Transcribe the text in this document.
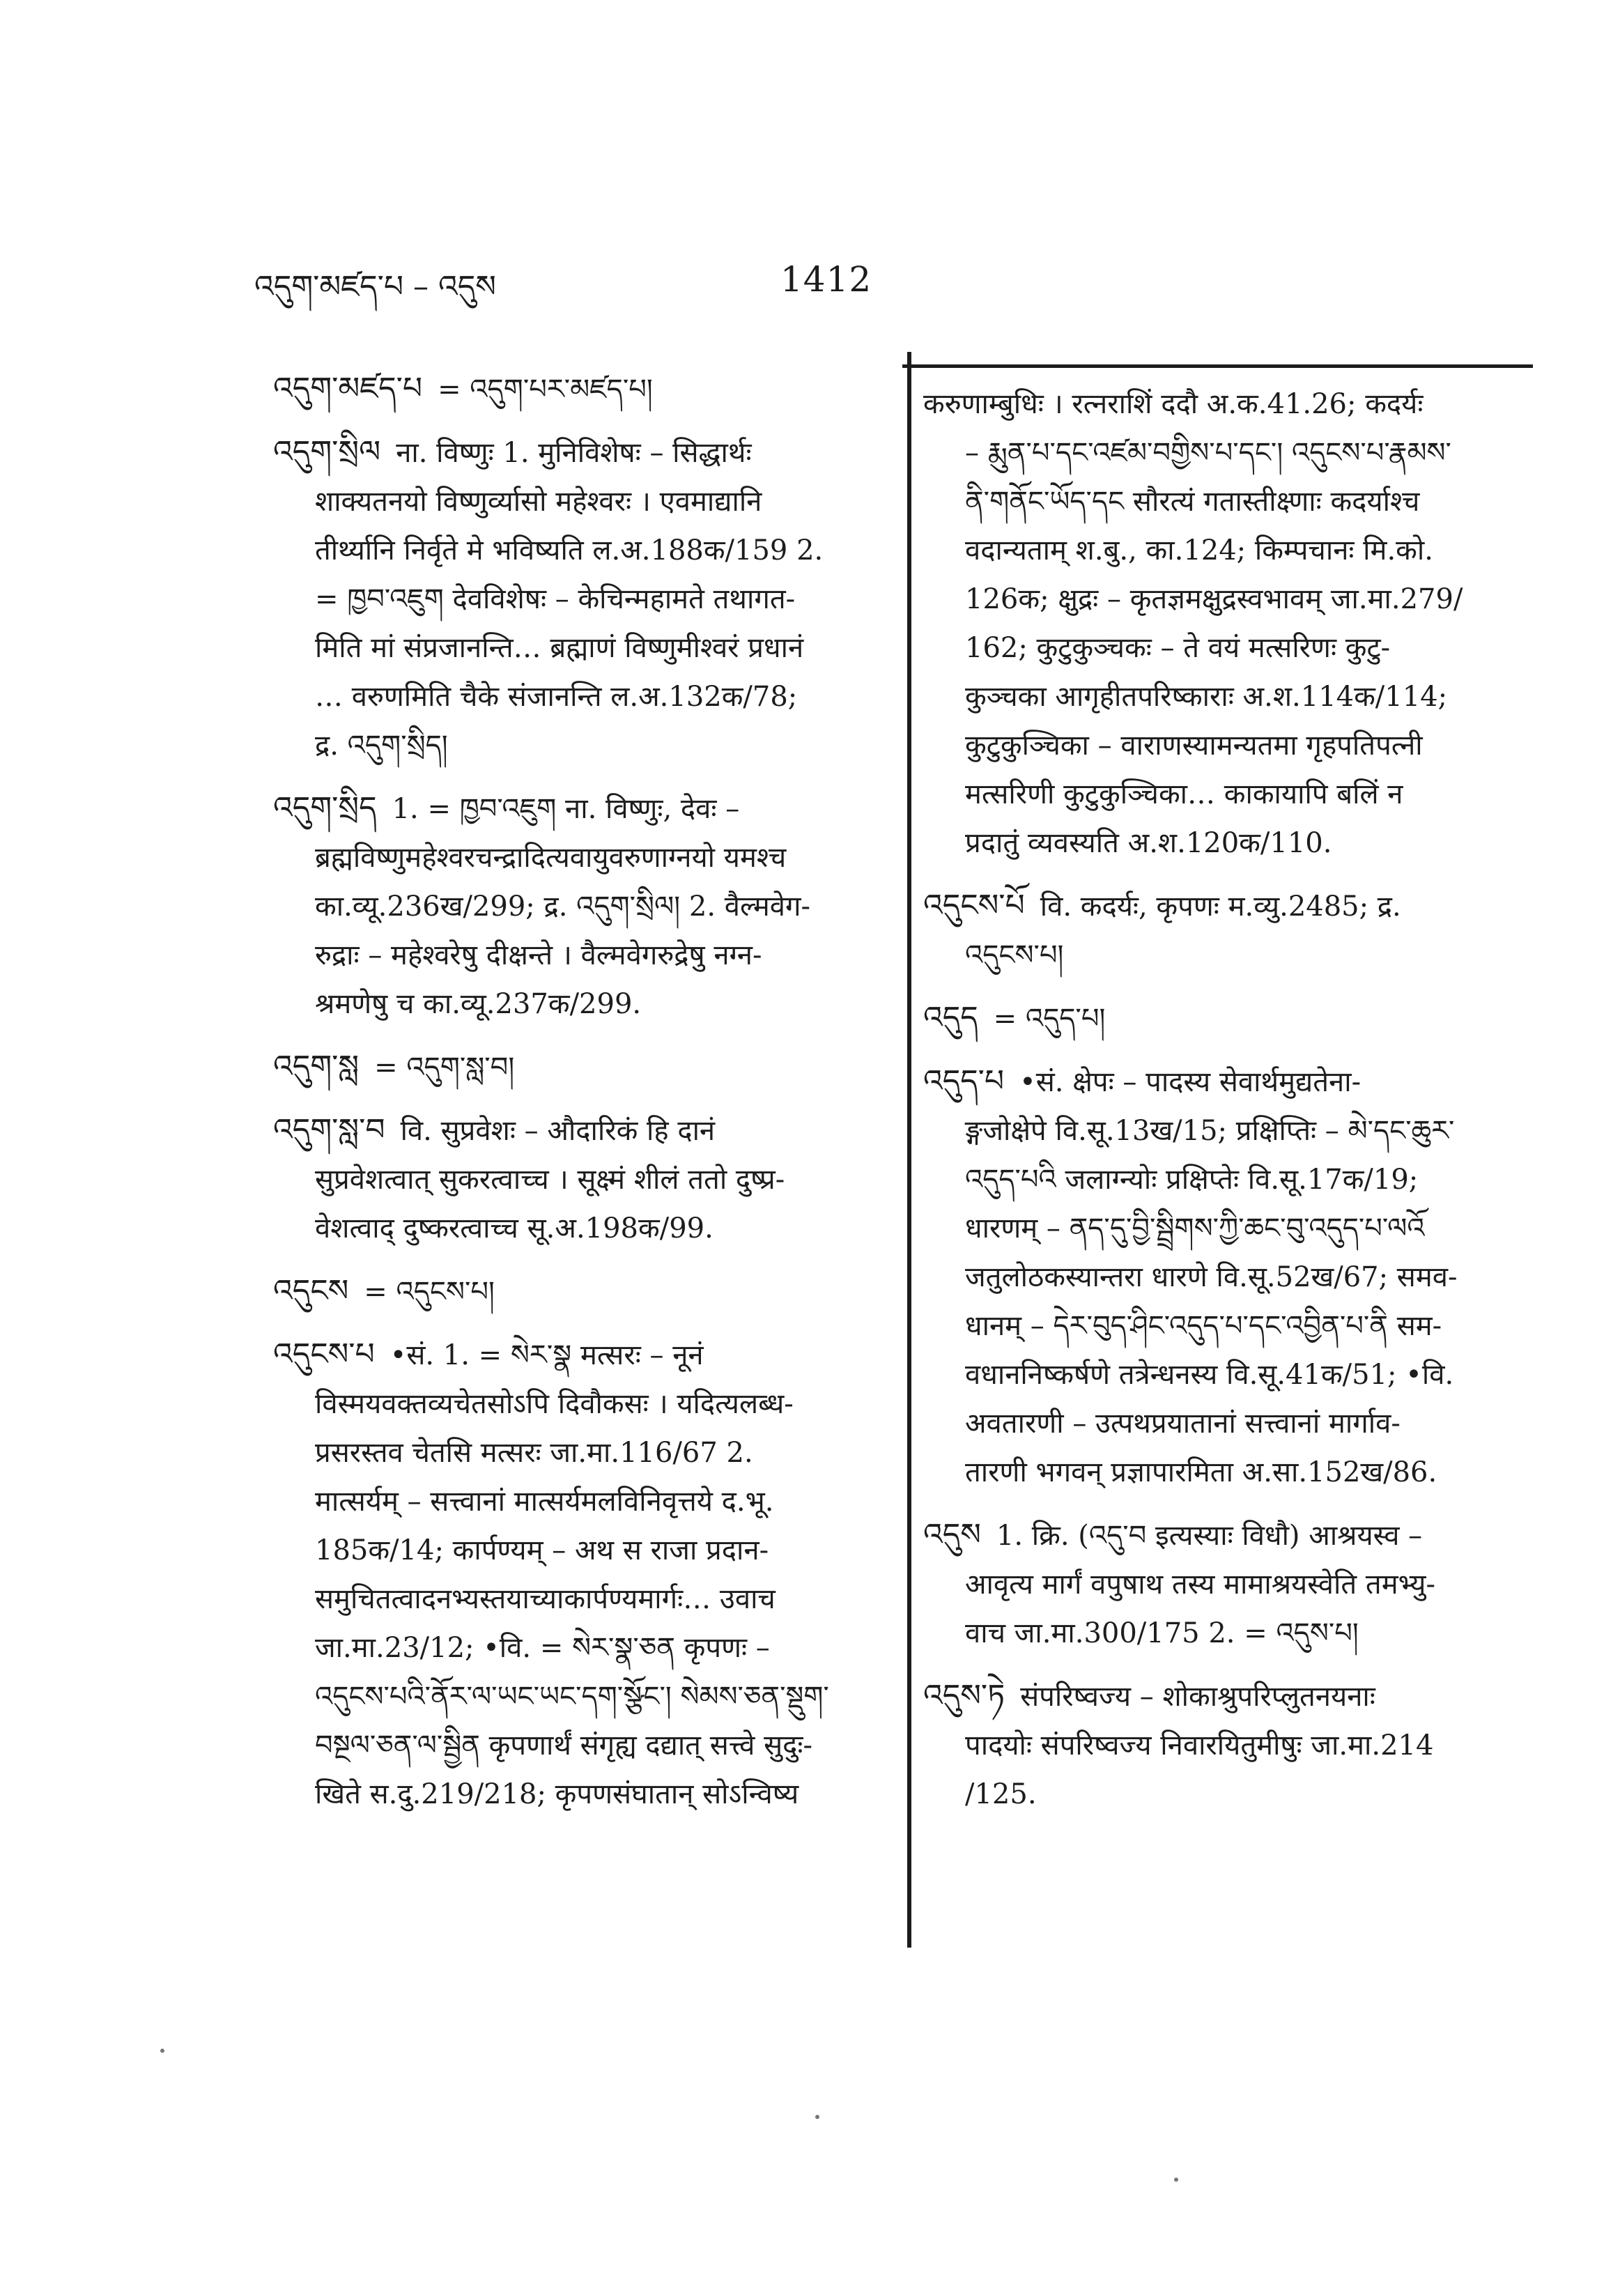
འདུག་མཛད་པ – འདུས	1412
འདུག་མཛད་པ = འདུག་པར་མཛད་པ།
འདུག་སྲིལ ना. विष्णुः 1. मुनिविशेषः – सिद्धार्थः
शाक्यतनयो विष्णुर्व्यासो महेश्वरः । एवमाद्यानि
तीर्थ्यानि निर्वृते मे भविष्यति ल.अ.188क/159 2.
= ཁྱབ་འཇུག देवविशेषः – केचिन्महामते तथागत-
मिति मां संप्रजानन्ति… ब्रह्माणं विष्णुमीश्वरं प्रधानं
… वरुणमिति चैके संजानन्ति ल.अ.132क/78;
द्र. འདུག་སྲིད།
འདུག་སྲིད 1. = ཁྱབ་འཇུག ना. विष्णुः, देवः –
ब्रह्मविष्णुमहेश्वरचन्द्रादित्यवायुवरुणाग्नयो यमश्च
का.व्यू.236ख/299; द्र. འདུག་སྲིལ། 2. वैल्मवेग-
रुद्राः – महेश्वरेषु दीक्षन्ते । वैल्मवेगरुद्रेषु नग्न-
श्रमणेषु च का.व्यू.237क/299.
འདུག་སླ = འདུག་སླ་བ།
འདུག་སླ་བ वि. सुप्रवेशः – औदारिकं हि दानं
सुप्रवेशत्वात् सुकरत्वाच्च । सूक्ष्मं शीलं ततो दुष्प्र-
वेशत्वाद् दुष्करत्वाच्च सू.अ.198क/99.
འདུངས = འདུངས་པ།
འདུངས་པ •सं. 1. = སེར་སྣ मत्सरः – नूनं
विस्मयवक्तव्यचेतसोऽपि दिवौकसः । यदित्यलब्ध-
प्रसरस्तव चेतसि मत्सरः जा.मा.116/67 2.
मात्सर्यम् – सत्त्वानां मात्सर्यमलविनिवृत्तये द.भू.
185क/14; कार्पण्यम् – अथ स राजा प्रदान-
समुचितत्वादनभ्यस्तयाच्याकार्पण्यमार्गः… उवाच
जा.मा.23/12; •वि. = སེར་སྣ་ཅན कृपणः –
འདུངས་པའི་ནོར་ལ་ཡང་ཡང་དག་སྩོང་། སེམས་ཅན་སྡུག་
བསྔལ་ཅན་ལ་སྦྱིན कृपणार्थं संगृह्य दद्यात् सत्त्वे सुदुः-
खिते स.दु.219/218; कृपणसंघातान् सोऽन्विष्य
करुणाम्बुधिः । रत्नराशिं ददौ अ.क.41.26; कदर्यः
– རྨུན་པ་དང་འཛམ་བགྱིས་པ་དང་། འདུངས་པ་རྣམས་
ནི་གནོང་ཡོད་དང सौरत्यं गतास्तीक्ष्णाः कदर्याश्च
वदान्यताम् श.बु., का.124; किम्पचानः मि.को.
126क; क्षुद्रः – कृतज्ञमक्षुद्रस्वभावम् जा.मा.279/
162; कुटुकुञ्चकः – ते वयं मत्सरिणः कुटु-
कुञ्चका आगृहीतपरिष्काराः अ.श.114क/114;
कुटुकुञ्चिका – वाराणस्यामन्यतमा गृहपतिपत्नी
मत्सरिणी कुटुकुञ्चिका… काकायापि बलिं न
प्रदातुं व्यवस्यति अ.श.120क/110.
འདུངས་པོ वि. कदर्यः, कृपणः म.व्यु.2485; द्र.
འདུངས་པ།
འདུད = འདུད་པ།
འདུད་པ •सं. क्षेपः – पादस्य सेवार्थमुद्यतेना-
ङ्गजोक्षेपे वि.सू.13ख/15; प्रक्षिप्तिः – མེ་དང་ཆུར་
འདུད་པའི जलाग्न्योः प्रक्षिप्तेः वि.सू.17क/19;
धारणम् – ནད་དུ་བྱི་སྦྲིགས་ཀྱི་ཆང་བུ་འདུད་པ་ལའོ
जतुलोठकस्यान्तरा धारणे वि.सू.52ख/67; समव-
धानम् – དེར་བུད་ཤིང་འདུད་པ་དང་འབྱིན་པ་ནི सम-
वधाननिष्कर्षणे तत्रेन्धनस्य वि.सू.41क/51; •वि.
अवतारणी – उत्पथप्रयातानां सत्त्वानां मार्गाव-
तारणी भगवन् प्रज्ञापारमिता अ.सा.152ख/86.
འདུས 1. क्रि. (འདུ་བ इत्यस्याः विधौ) आश्रयस्व –
आवृत्य मार्गं वपुषाथ तस्य मामाश्रयस्वेति तमभ्यु-
वाच जा.मा.300/175 2. = འདུས་པ།
འདུས་ཏེ संपरिष्वज्य – शोकाश्रुपरिप्लुतनयनाः
पादयोः संपरिष्वज्य निवारयितुमीषुः जा.मा.214
/125.
